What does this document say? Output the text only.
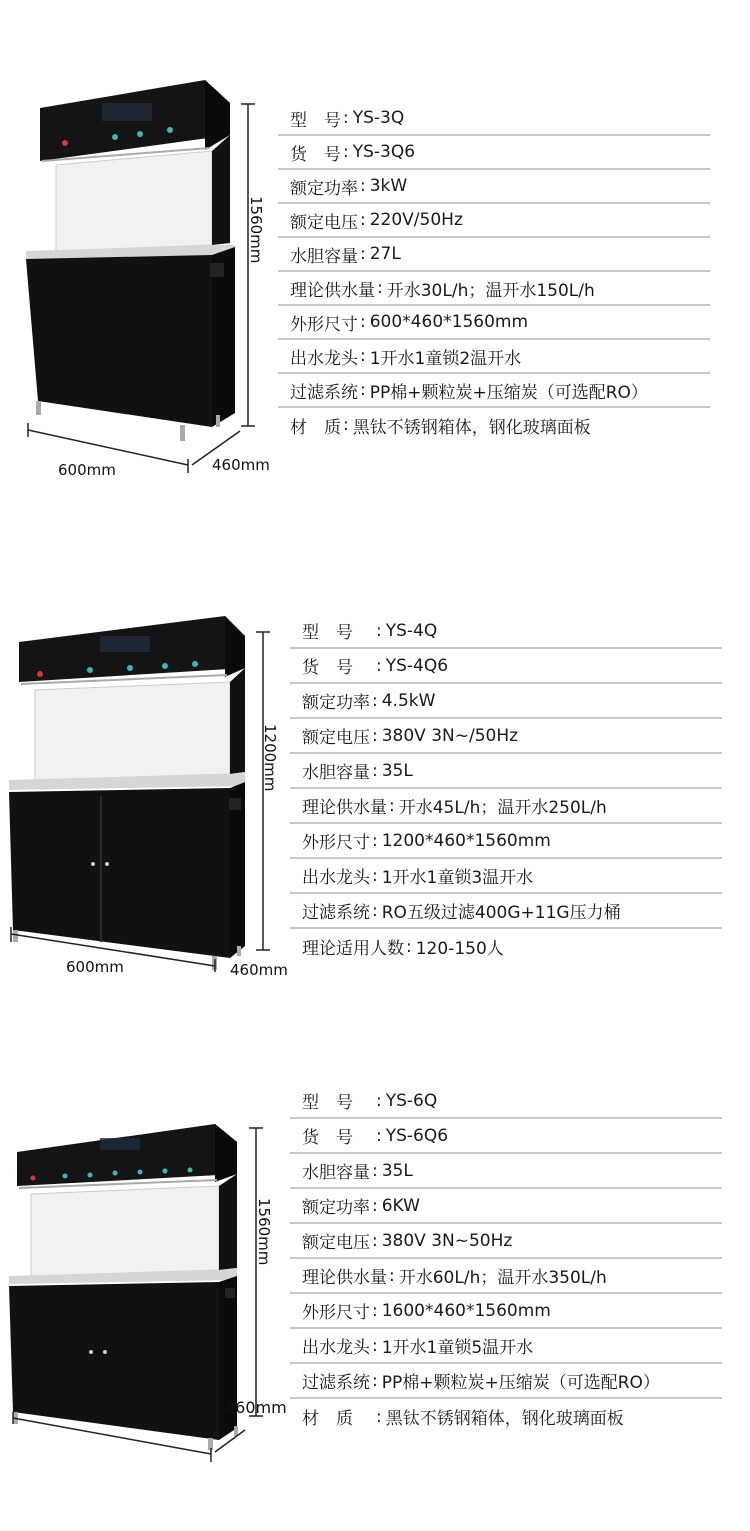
1560mm
600mm	460mm
型　号 : YS-3Q
货　号 : YS-3Q6
额定功率 : 3kW
额定电压 : 220V/50Hz
水胆容量 : 27L
理论供水量 : 开水30L/h；温开水150L/h
外形尺寸 : 600*460*1560mm
出水龙头 : 1开水1童锁2温开水
过滤系统 : PP棉+颗粒炭+压缩炭（可选配RO）
材　质 : 黑钛不锈钢箱体，钢化玻璃面板
1200mm
600mm	460mm
型　号	: YS-4Q
货　号	: YS-4Q6
额定功率 : 4.5kW
额定电压 : 380V 3N~/50Hz
水胆容量 : 35L
理论供水量 : 开水45L/h；温开水250L/h
外形尺寸 : 1200*460*1560mm
出水龙头 : 1开水1童锁3温开水
过滤系统 : RO五级过滤400G+11G压力桶
理论适用人数 : 120-150人
1560mm
1600mm	460mm
型　号	: YS-6Q
货　号	: YS-6Q6
水胆容量 : 35L
额定功率 : 6KW
额定电压 : 380V 3N~50Hz
理论供水量 : 开水60L/h；温开水350L/h
外形尺寸 : 1600*460*1560mm
出水龙头 : 1开水1童锁5温开水
过滤系统 : PP棉+颗粒炭+压缩炭（可选配RO）
材　质	: 黑钛不锈钢箱体，钢化玻璃面板
